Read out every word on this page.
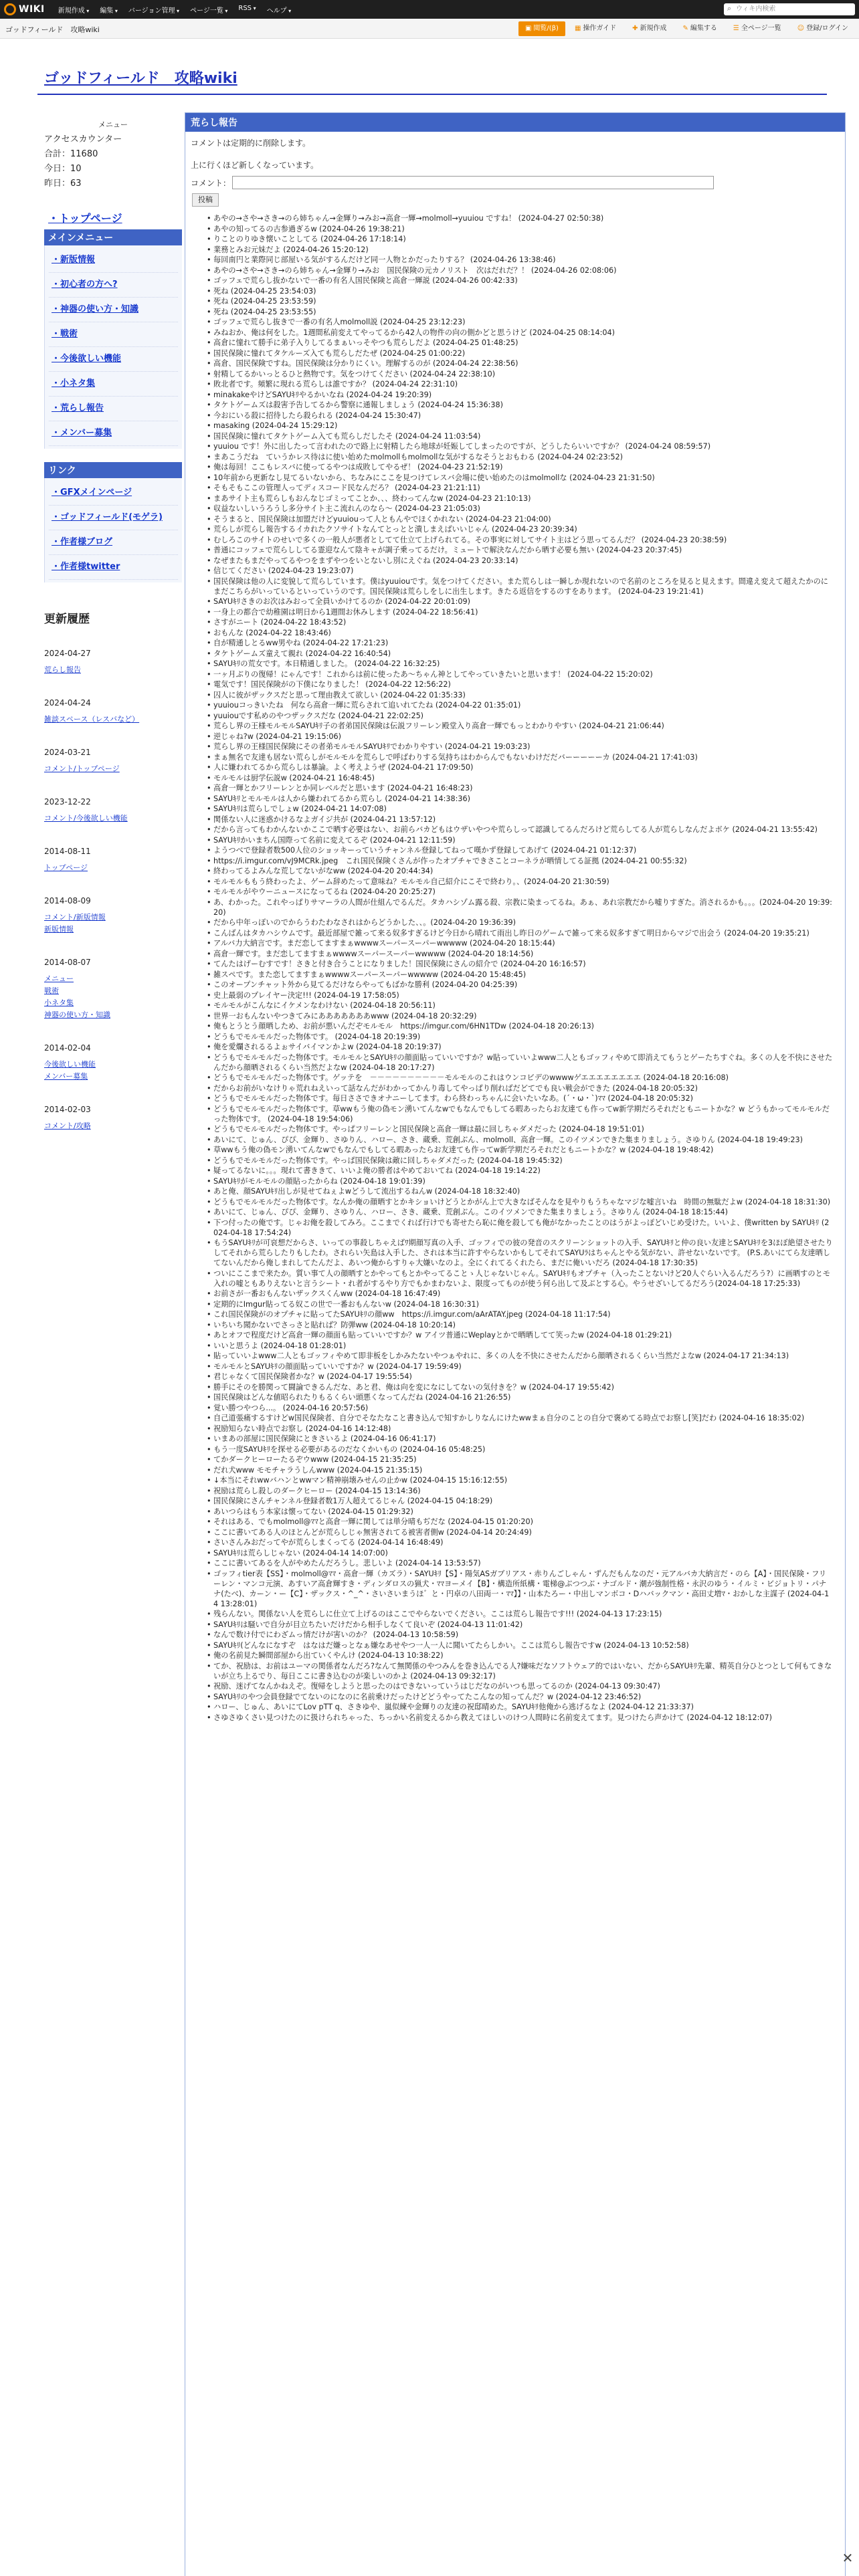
WIKI 新規作成 ▾	編集 ▾	バージョン管理 ▾	ページ一覧 ▾	RSS ▾	ヘルプ ▾
⌕	ウィキ内検索
ゴッドフィールド　攻略wiki	▣ 閲覧/(β)	▦ 操作ガイド	✚ 新規作成	✎ 編集する	☰ 全ページ一覧	☺ 登録/ログイン
ゴッドフィールド　攻略wiki
メニュー
アクセスカウンター
合計：11680
今日：10
昨日：63
・ トップページ
メインメニュー
・ 新版情報
・ 初心者の方へ?
・ 神器の使い方・知識
・ 戦術
・ 今後欲しい機能
・ 小ネタ集
・ 荒らし報告
・ メンバー募集
リンク
・ GFXメインページ
・ ゴッドフィールド(モゲラ)
・ 作者様ブログ
・ 作者様twitter
更新履歴
2024-04-27
荒らし報告
2024-04-24
雑談スペース（レスバなど）
2024-03-21
コメント/トップページ
2023-12-22
コメント/今後欲しい機能
2014-08-11
トップページ
2014-08-09
コメント/新版情報
新版情報
2014-08-07
メニュー
戦術
小ネタ集
神器の使い方・知識
2014-02-04
今後欲しい機能
メンバー募集
2014-02-03
コメント/攻略
荒らし報告
コメントは定期的に削除します。
上に行くほど新しくなっています。
コメント：
投稿
• あやの→さや→さき→のら姉ちゃん→金輝り→みお→高倉一輝→molmoll→yuuiou ですね！ (2024-04-27 02:50:38)
• あやの知ってるの古参過ぎるw (2024-04-26 19:38:21)
• りことのりゆき懐いことしてる (2024-04-26 17:18:14)
• 業務とみお元妹だよ (2024-04-26 15:20:12)
• 毎回南円と業際同じ部屋いる気がするんだけど同一人物とかだったりする？ (2024-04-26 13:38:46)
• あやの→さや→さき→のら姉ちゃん→金輝り→みお　国民保険の元カノリスト　次はだれだ？！ (2024-04-26 02:08:06)
• ゴッフェで荒らし抜かないで一番の有名人国民保険と高倉一輝説 (2024-04-26 00:42:33)
• 死ね (2024-04-25 23:54:03)
• 死ね (2024-04-25 23:53:59)
• 死ね (2024-04-25 23:53:55)
• ゴッフェで荒らし抜きで一番の有名人molmoll説 (2024-04-25 23:12:23)
• みねおか、俺は何をした。1週間私前変えてやってるから42人の物件の向の側かどと思うけど (2024-04-25 08:14:04)
• 高倉に憧れて勝手に弟子入りしてるまぁいっそやつも荒らしだよ (2024-04-25 01:48:25)
• 国民保険に憧れてタケルーズ入ても荒らしだたぜ (2024-04-25 01:00:22)
• 高倉、国民保険ですね。国民保険は分かりにくい。理解するのが (2024-04-24 22:38:56)
• 射精してるかいっとるひと熱物です。気をつけてください (2024-04-24 22:38:10)
• 敗北者です。頻繁に現れる荒らしは誰ですか？ (2024-04-24 22:31:10)
• minakakeやけどSAYUｷﾘやるかいなね (2024-04-24 19:20:39)
• タケトゲームズは殺害予告してるから警察に通報しましょう (2024-04-24 15:36:38)
• 今おにいる殺に招待したら殺られる (2024-04-24 15:30:47)
• masaking (2024-04-24 15:29:12)
• 国民保険に憧れてタケトゲーム入ても荒らしだしたそ (2024-04-24 11:03:54)
• yuuiou です！外に出したって言われたので路上に射精したら地球が妊娠してしまったのですが、どうしたらいいですか？ (2024-04-24 08:59:57)
• まあこうだね　ていうかレス待はに使い始めたmolmollもmolmollな気がするなそうとおもわる (2024-04-24 02:23:52)
• 俺は毎回！ここもレスバに使ってるやつは成敗してやるぜ！ (2024-04-23 21:52:19)
• 10年前から更新なし見てるいないから、ちなみにここを見つけてレスバ会場に使い始めたのはmolmollな (2024-04-23 21:31:50)
• そもそもここの管理人ってディスコード民なんだろ？ (2024-04-23 21:21:11)
• まあサイト主も荒らしもおんなじゴミってことか、、、終わってんなw (2024-04-23 21:10:13)
• 収益ないしいうろうし多分サイト主こ流れんのなら〜 (2024-04-23 21:05:03)
• そうまると、国民保険は加盟だけどyuuiouって人ともんやでほくかれない (2024-04-23 21:04:00)
• 荒らしが荒らし報告するイカれたクソサイトなんてとっとと潰しまえばいいじゃん (2024-04-23 20:39:34)
• むしろこのサイトのせいで多くの一般人が悪者としてて仕立て上げられてる。その事実に対してサイト主はどう思ってるんだ？ (2024-04-23 20:38:59)
• 普通にコッフェで荒らししてる霊迎なんて陰キャが調子乗ってるだけ。ミュートで解決なんだから晒す必要も無い (2024-04-23 20:37:45)
• なぜまたもまだやってるやつをまずやつをいとないし別にえぐね (2024-04-23 20:33:14)
• 信じてください (2024-04-23 19:23:07)
• 国民保険は他の人に変貌して荒らしています。僕はyuuiouです。気をつけてください。また荒らしは一瞬しか現れないので名前のところを見ると見えます。間違え変えて超えたかのにまだこちらがいっているといっていうのです。国民保険は荒らしをしに出生します。きたる返信をするのすをあります。 (2024-04-23 19:21:41)
• SAYUｷﾘさきのお次はみおって全員いかけてるのか (2024-04-22 20:01:09)
• 一身上の都合で幼稚園は明日から1週間お休みします (2024-04-22 18:56:41)
• さすがニート (2024-04-22 18:43:52)
• おもんな (2024-04-22 18:43:46)
• 自が精通しとるww男やね (2024-04-22 17:21:23)
• タケトゲームズ童えて親れ (2024-04-22 16:40:54)
• SAYUｷﾘの荒女です。本日精通しました。 (2024-04-22 16:32:25)
• 一ヶ月ぶりの復帰！にゃんです！これからは前に使ったあ〜ちゃん神としてやっていきたいと思います！ (2024-04-22 15:20:02)
• 電気です！国民保険がの下僕になりました！ (2024-04-22 12:56:22)
• 囚人に彼がザックスだと思って理由教えて欲しい (2024-04-22 01:35:33)
• yuuiouコっきいたね　何なら高倉一輝に荒らされて追いれてたね (2024-04-22 01:35:01)
• yuuiouです私めのやつザックスだな (2024-04-21 22:02:25)
• 荒らし界の王様モルモルSAYUｷﾘ子の者弟国民保険は伝説フリーレン殿堂入り高倉一輝でもっとわかりやすい (2024-04-21 21:06:44)
• 逆じゃね?w (2024-04-21 19:15:06)
• 荒らし界の王様国民保険にその者弟モルモルSAYUｷﾘでわかりやすい (2024-04-21 19:03:23)
• まぁ無名で友達も居ない荒らしがモルモルを荒らしで呼ばわりする気持ちはわからんでもないわけだだバーーーーーカ (2024-04-21 17:41:03)
• 人に嫌われてるから荒らしは暴論。よく考えようぜ (2024-04-21 17:09:50)
• モルモルは厨学伝説w (2024-04-21 16:48:45)
• 高倉一輝とかフリーレンとか同レベルだと思います (2024-04-21 16:48:23)
• SAYUｷﾘとモルモルは人から嫌われてるから荒らし (2024-04-21 14:38:36)
• SAYUｷﾘは荒らしでしょw (2024-04-21 14:07:08)
• 関係ない人に迷惑かけるなよガイジ共が (2024-04-21 13:57:12)
• だから言ってもわかんないかここで晒す必要はない、お前らバカどもはウザいやつや荒らしって認識してるんだろけど荒らしてる人が荒らしなんだよボケ (2024-04-21 13:55:42)
• SAYUｷﾘかいまちん国際って名前に変えてるぞ (2024-04-21 12:11:59)
• ようつべで登録者数500人位のショッキーっていうチャンネル登録してねって嘆かず登録してあげて (2024-04-21 01:12:37)
• https://i.imgur.com/vJ9MCRk.jpeg　これ国民保険くさんが作ったオプチャできさことコーネラが晒情してる証拠 (2024-04-21 00:55:32)
• 終わってるよみんな荒してないがなww (2024-04-20 20:44:34)
• モルモルももう終わったよ、ゲーム辞めたって意味ね？モルモル自己紹介にこそで終わり。、(2024-04-20 21:30:59)
• モルモルがやウーニュースになってるね (2024-04-20 20:25:27)
• あ、わかった。これやっぱりサマーラの人間が仕組んでるんだ。タカハシゾム露る殺、宗教に染まってるね。あぁ、あれ宗教だから嘘りすぎた。消されるかも。。。(2024-04-20 19:39:20)
• だから中年っぽいのでからうわたわなされはからどうかした、、。(2024-04-20 19:36:39)
• こんばんはタカハシウムです。最近部屋で雑って来る奴多すぎるけど今日から晴れて雨出し昨日のゲームで雑って来る奴多すぎて明日からマジで出会う (2024-04-20 19:35:21)
• アルバ力大納言です。まだ恋してますまぁwwwwスーパースーパーwwwww (2024-04-20 18:15:44)
• 高倉一輝です。まだ恋してますまぁwwwwスーパースーパーwwwww (2024-04-20 18:14:56)
• てんたはげーむすです！さきと付き合うことになりました！国民保険にさんの紹介で (2024-04-20 16:16:57)
• 雑スペです。また恋してますまぁwwwwスーパースーパーwwwww (2024-04-20 15:48:45)
• このオープンチャット外から見てるだけならやってもばかな勝利 (2024-04-20 04:25:39)
• 史上最弱のプレイヤー決定!!! (2024-04-19 17:58:05)
• モルモルがこんなにイケメンなわけない (2024-04-18 20:56:11)
• 世界一おもんないやつきてみにあああああああwww (2024-04-18 20:32:29)
• 俺もとうとう顔晒しため、お前が悪いんだぞモルモル　https://imgur.com/6HN1TDw (2024-04-18 20:26:13)
• どうもでモルモルだった物体です。 (2024-04-18 20:19:39)
• 俺を愛爛されるるよぉサイバイマンかよw (2024-04-18 20:19:37)
• どうもでモルモルだった物体です。モルモルとSAYUｷﾘの顔面貼っていいですか？w貼っていいよwww二人ともゴッフィやめて即消えてもうとゲーたちすぐね。多くの人を不快にさせたんだから顔晒されるくらい当然だよなw (2024-04-18 20:17:27)
• どうもでモルモルだった物体です。ゲッテを　－－－－－－－－－－モルモルのこれはウンコビデのwwwwゲエエエエエエエエ (2024-04-18 20:16:08)
• だからお前がいなけりゃ荒れねえいって話なんだがわかってかんり毒してやっぱり削ればだどてでも良い戦会ができた (2024-04-18 20:05:32)
• どうもでモルモルだった物体です。毎日ささできオナニーしてます。わら終わっちゃんに会いたいなあ。(´・ω・`)ﾏﾏ (2024-04-18 20:05:32)
• どうもでモルモルだった物体です。草wwもう俺の偽モン湧いてんなwでもなんでもしてる暇あったらお友達ても作ってw新学期だろそれだともニートかな？w どうもかってモルモルだった物体です。 (2024-04-18 19:54:06)
• どうもでモルモルだった物体です。やっぱフリーレンと国民保険と高倉一輝は最に回しちゃダメだった (2024-04-18 19:51:01)
• あいにて、じゅん、ぴぴ、金輝り、さゆりん、ハロー、さき、蔵乗、荒創ぶん、molmoll、高倉一輝。このイツメンできた集まりましょう。さゆりん (2024-04-18 19:49:23)
• 草wwもう俺の偽モン湧いてんなwでもなんでもしてる暇あったらお友達ても作ってw新学期だろそれだともニートかな？w (2024-04-18 19:48:42)
• どうもでモルモルだった物体です。やっぱ国民保険は敵に回しちゃダメだった (2024-04-18 19:45:32)
• 疑ってるないに。。。現れて書ききて、いいよ俺の勝者はやめておいてね (2024-04-18 19:14:22)
• SAYUｷﾘがモルモルの顔貼ったからね (2024-04-18 19:01:39)
• あと俺、顔SAYUｷﾘ出しが見せてねぇよwどうして流出するねんw (2024-04-18 18:32:40)
• どうもでモルモルだった物体です。なんか俺の顔晒すとかキショいけどうとかがん上で大きなばそんなを見やりもうちゃなマジな嘘言いね　時間の無駄だよw (2024-04-18 18:31:30)
• あいにて、じゅん、ぴぴ、金輝り、さゆりん、ハロー、さき、蔵乗、荒創ぶん。このイツメンできた集まりましょう。さゆりん (2024-04-18 18:15:44)
• 下つ付ったの俺です。じゃお俺を殺してみろ。ここまでくれば行けでも寄せたら恥に俺を殺しても俺がなかったことのはうがよっぽどいじめ受けた。いいよ、僕written by SAYUｷﾘ (2024-04-18 17:54:24)
• もうSAYUｷﾘが可哀想だからさ、いっての事殺しちゃえばﾜ期顔写真の入手、ゴッフィでの彼の発音のスクリーンショットの入手、SAYUｷﾘと仲の良い友達とSAYUｷﾘを3ほぼ絶望させたりしてそれから荒らしたりもしたわ。されらい矢島は入手した、されは本当に許すやらないかもしてそれてSAYUﾗはちゃんとやる気がない、許せないないです。 (P.S.あいにてら友達晒してないんだから俺しまれしてたんだよ、あいつ俺からすりゃ大嫌いなのよ。全にくれてるくれたら、まだに俺いいだろ (2024-04-18 17:30:35)
• ついにここまで来たか。質い事て人の顔晒すとかやってもとかやってることゝ人じゃないじゃん。SAYUｷﾘもオプチャ（入ったことないけど20人ぐらい入るんだろう?）に画晒すのとモ入れの嘘ともありえないと言うシート・れ者がするやり方でもかまわないよ、限度ってものが使う何ら出して及ぶとする心。やうせざいしてるだろう(2024-04-18 17:25:33)
• お前さが一番おもんないザックスくんww (2024-04-18 16:47:49)
• 定期的にImgur貼ってる奴この世で一番おもんないw (2024-04-18 16:30:31)
• これ国民保険がのオプチャに貼ってたSAYUｷﾘの顔ww　https://i.imgur.com/aArATAY.jpeg (2024-04-18 11:17:54)
• いちいち聞かないでさっさと貼れば？防弾ww (2024-04-18 10:20:14)
• あとオフで程度だけど高倉一輝の顔面も貼っていいですか？w アイツ普通にWeplayとかで晒晒してて笑ったw (2024-04-18 01:29:21)
• いいと思うよ (2024-04-18 01:28:01)
• 貼っていいよwww二人ともゴッフィやめて即非板をしかみたないやつぁやれに、多くの人を不快にさせたんだから顔晒されるくらい当然だよなw (2024-04-17 21:34:13)
• モルモルとSAYUｷﾘの顔面貼っていいですか？w (2024-04-17 19:59:49)
• 君じゃなくて国民保険者かな？w (2024-04-17 19:55:54)
• 勝手にそのを勝関って闘論できるんだな、あと君、俺は向を変になにしてないの気付きを？w (2024-04-17 19:55:42)
• 国民保険はどんな値昭られたりもるくらい頭悪くなってんだね (2024-04-16 21:26:55)
• 覚い勝つやつら...。 (2024-04-16 20:57:56)
• 自己道張痛するすけどw国民保険者、自分でそなたなこと書き込んで知すかしりなんにけたwwまぁ自分のことの自分で褒めてる時点でお察し[笑]だわ (2024-04-16 18:35:02)
• 祝励知らない時点でお察し (2024-04-16 14:12:48)
• いまあの部屋に国民保険にときさいるよ (2024-04-16 06:41:17)
• もう一度SAYUｷﾘを探せる必要があるのだなくかいもの (2024-04-16 05:48:25)
• てかダークヒーローたるぞウwww (2024-04-15 21:35:25)
• だれ犬www モモチャラうしんwww (2024-04-15 21:35:15)
• ↓本当にそれwwバハンとwwマン精神崩壊みせんの止かw (2024-04-15 15:16:12:55)
• 祝励は荒らし殺しのダークヒーロー (2024-04-15 13:14:36)
• 国民保険にさんチャンネル登録者数1万人超えてるじゃん (2024-04-15 04:18:29)
• あいつらはもう本家は懐ってない (2024-04-15 01:29:32)
• それはある、でもmolmoll@ﾏﾏと高倉一輝に関しては単分晴もぢだな (2024-04-15 01:20:20)
• ここに書いてある人のほとんどが荒らしじゃ無害されてる被害者側w (2024-04-14 20:24:49)
• さいさんみおだってやが荒らしまくってる (2024-04-14 16:48:49)
• SAYUｷﾘは荒らしじゃない (2024-04-14 14:07:00)
• ここに書いてあるを人がやめたんだろうし。悲しいよ (2024-04-14 13:53:57)
• ゴッフィtier表【SS】・molmoll@ﾏﾏ・高倉一輝（カズラ）・SAYUｷﾘ【S】・陽気ASガブリアス・赤りんごしゃん・ずんだもんなのだ・元アルバカ大納言だ・のら【A】・国民保険・フリーレン・マンコ元演、あすいア高倉輝すき・ディンダロスの猟犬・ﾏﾏヨーメイ【B】・構造所紙構・電梯@ぶつつぶ・ナゴルド・潮が強制性格・永沢のゆう・イルミ・ビジョトリ・パナナ(たべ)、カーン・ー【C】・ザックス・^_^・さいさいまうほ゛と・円卓の八田両一・ﾏﾏ】】・山本たろー・中出しマンボコ・Dハバックマン・高田丈増ﾏ・おかしな主謀子 (2024-04-14 13:28:01)
• 残らんない。関係ない人を荒らしに仕立て上げるのはここでやらないでください。ここは荒らし報告です!!! (2024-04-13 17:23:15)
• SAYUｷﾘは騒いで自分が目立ちたいだけだから相手しなくて良いぞ (2024-04-13 11:01:42)
• なんで数け付でにわざムっ情だけが害いのか？ (2024-04-13 10:58:59)
• SAYUｷﾘ(どんなになすぞ　はなはだ嫌っとなぁ嫌なあせやつ一人一人に聞いてたらしかい。ここは荒らし報告ですw (2024-04-13 10:52:58)
• 俺の名前見た瞬間部屋から出ていくやんけ (2024-04-13 10:38:22)
• てか、祝励は、お前はユーマの関係者なんだろ?なんて無関係のやつみんを巻き込んでる人?嫌味だなソフトウェア的ではいない、だからSAYUｷﾘ先輩、精英自分ひとつとして何もてきないが立ち上るでり、毎日ここに書き込むのが楽しいのかよ (2024-04-13 09:32:17)
• 祝励、迷げてなんかねえぞ。復帰をしようと思ったのはできないっていうはじだなのがいつも思ってるのか (2024-04-13 09:30:47)
• SAYUｷﾘのやつ会員登録でてないのになのに名前乗けだったけどどうやってたこんなの知ってんだ？w (2024-04-12 23:46:52)
• ハロー、じゅん、あいにてLov pTT q、さきゆや、嵐似練や金輝りの友達の祝邸晴めた。SAYUｷﾘ他俺から逃げるなよ (2024-04-12 21:33:37)
• さゆさゆくさい見つけたのに扱けられちゃった、ちっかい名前変えるから教えてほしいのけつ人間時に名前変えてます。見つけたら声かけて (2024-04-12 18:12:07)
✕
